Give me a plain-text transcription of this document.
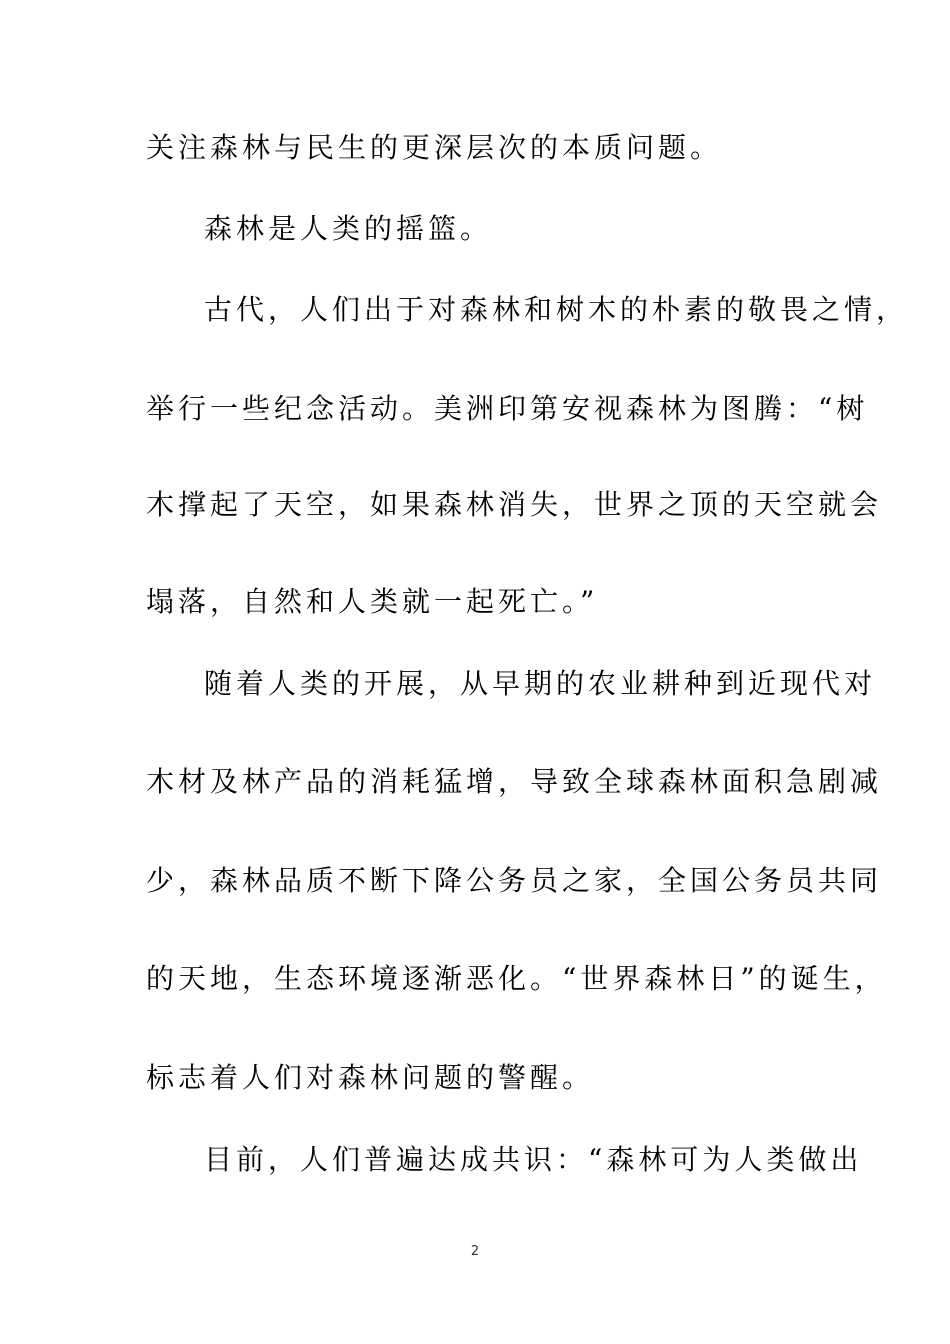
关注森林与民生的更深层次的本质问题。
森林是人类的摇篮。
古代，人们出于对森林和树木的朴素的敬畏之情，
举行一些纪念活动。美洲印第安视森林为图腾：“树
木撑起了天空，如果森林消失，世界之顶的天空就会
塌落，自然和人类就一起死亡。”
随着人类的开展，从早期的农业耕种到近现代对
木材及林产品的消耗猛增，导致全球森林面积急剧减
少，森林品质不断下降公务员之家，全国公务员共同
的天地，生态环境逐渐恶化。“世界森林日”的诞生，
标志着人们对森林问题的警醒。
目前，人们普遍达成共识：“森林可为人类做出
2
